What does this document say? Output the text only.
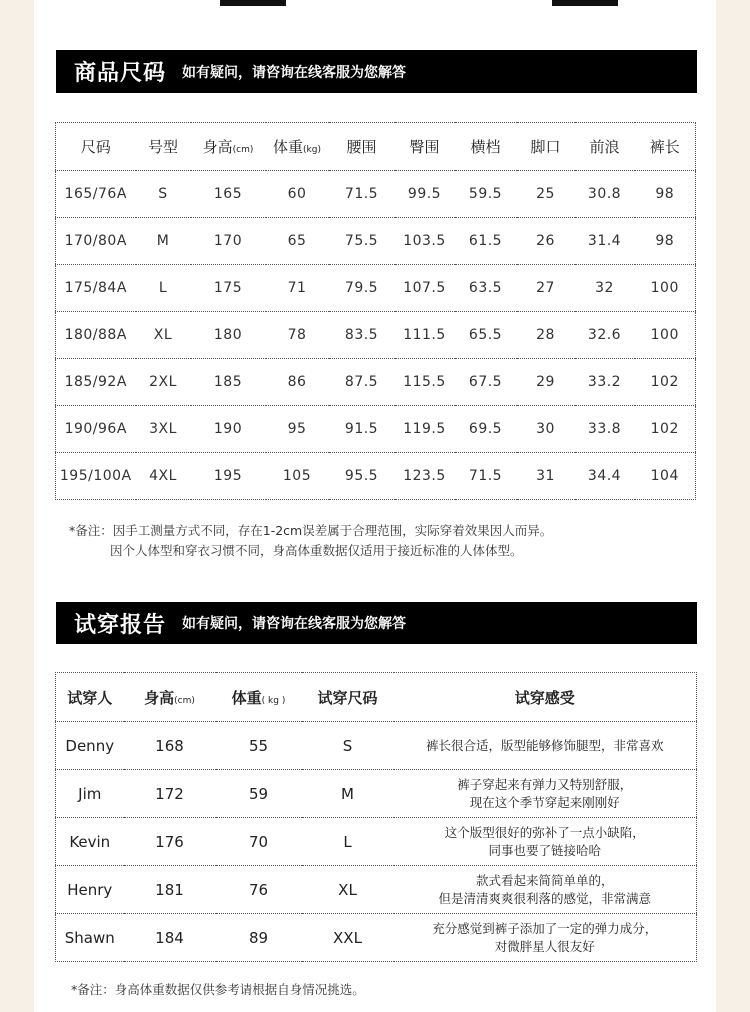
商品尺码 如有疑问，请咨询在线客服为您解答
尺码	号型	身高(cm)	体重(kg)	腰围	臀围	横档	脚口	前浪	裤长
165/76A	S	165	60	71.5	99.5	59.5	25	30.8	98
170/80A	M	170	65	75.5	103.5	61.5	26	31.4	98
175/84A	L	175	71	79.5	107.5	63.5	27	32	100
180/88A	XL	180	78	83.5	111.5	65.5	28	32.6	100
185/92A	2XL	185	86	87.5	115.5	67.5	29	33.2	102
190/96A	3XL	190	95	91.5	119.5	69.5	30	33.8	102
195/100A	4XL	195	105	95.5	123.5	71.5	31	34.4	104
*备注：因手工测量方式不同，存在1-2cm误差属于合理范围，实际穿着效果因人而异。
因个人体型和穿衣习惯不同，身高体重数据仅适用于接近标准的人体体型。
试穿报告 如有疑问，请咨询在线客服为您解答
试穿人	身高(cm)	体重( kg )	试穿尺码	试穿感受
Denny	168	55	S	裤长很合适，版型能够修饰腿型，非常喜欢

Jim	172	59	M	裤子穿起来有弹力又特别舒服，
现在这个季节穿起来刚刚好

Kevin	176	70	L	这个版型很好的弥补了一点小缺陷，
同事也要了链接哈哈

Henry	181	76	XL	款式看起来简简单单的，
但是清清爽爽很利落的感觉，非常满意

Shawn	184	89	XXL	充分感觉到裤子添加了一定的弹力成分，
对微胖星人很友好
*备注：身高体重数据仅供参考请根据自身情况挑选。
